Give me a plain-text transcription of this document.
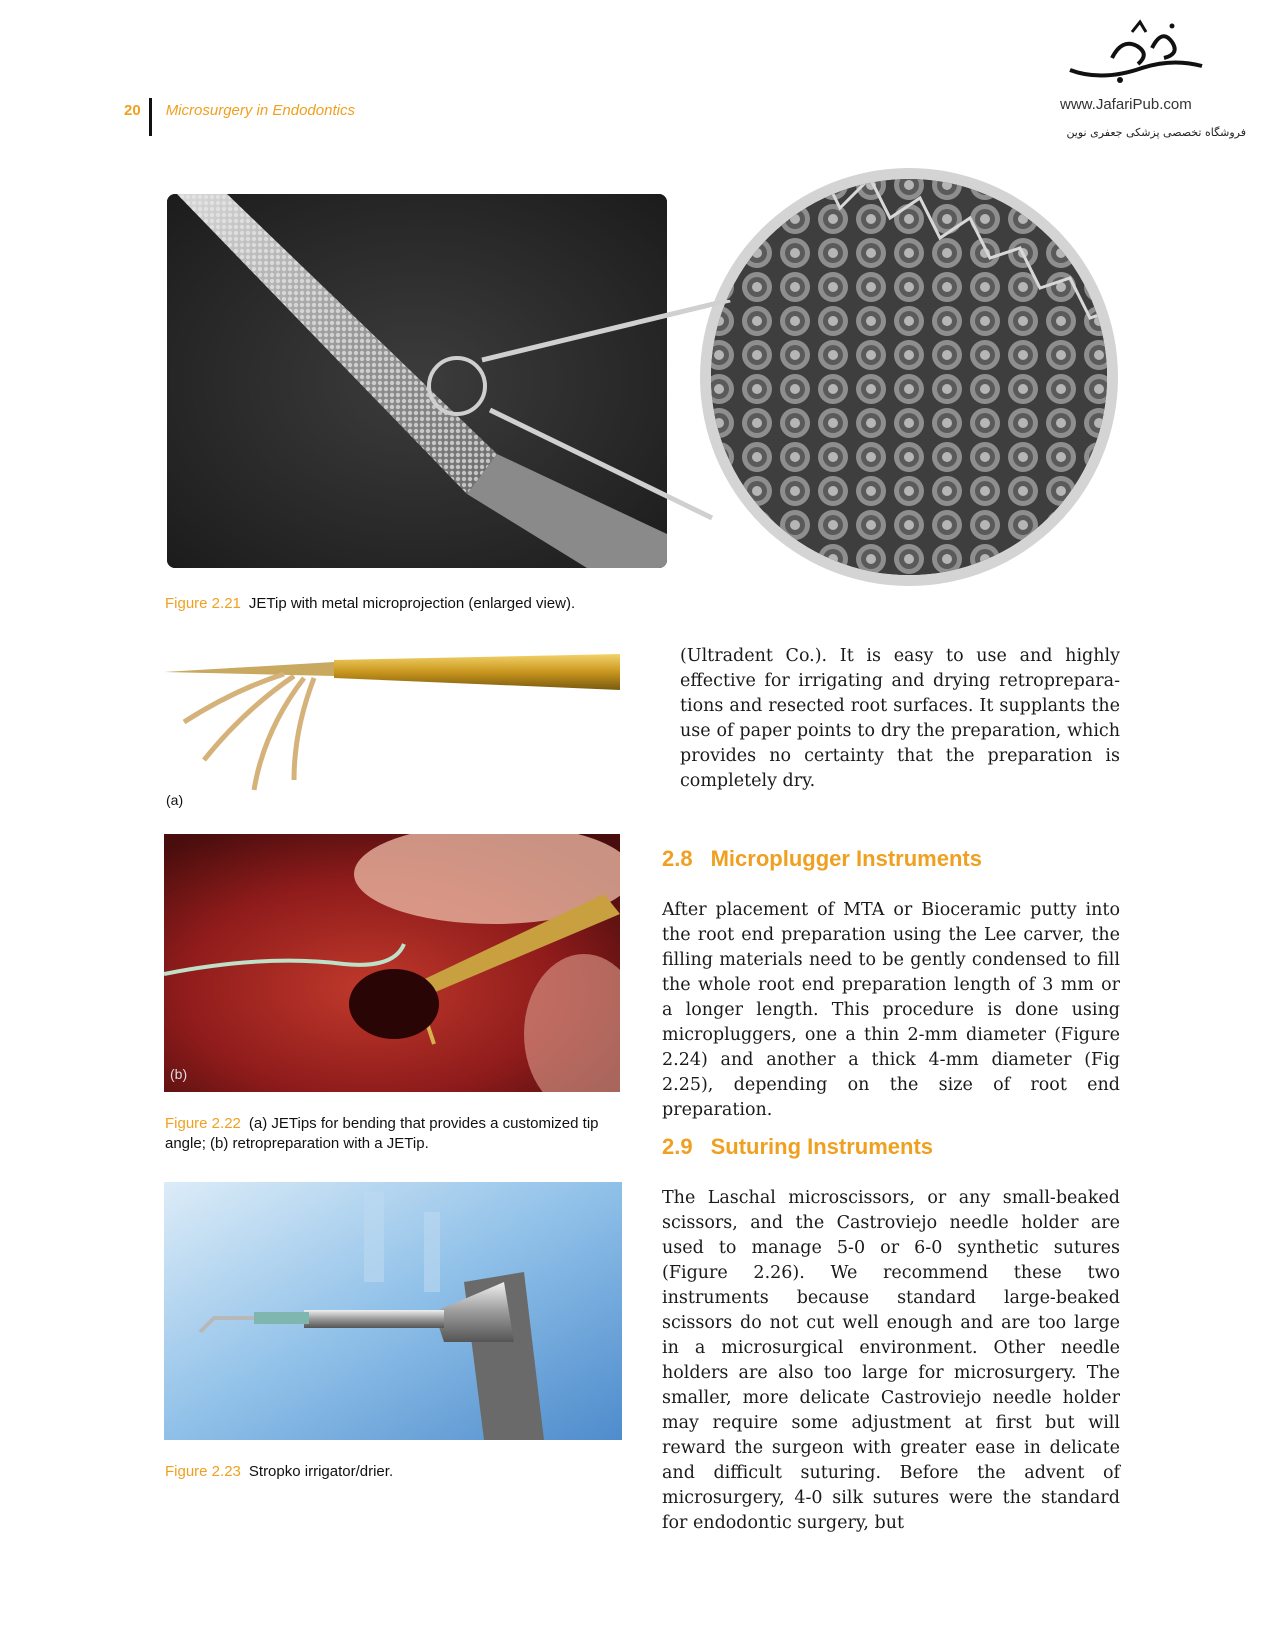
20 Microsurgery in Endodontics	www.JafariPub.com
فروشگاه تخصصی پزشکی جعفری نوین
Figure 2.21 JETip with metal microprojection (enlarged view).
(a)
(b)
Figure 2.22 (a) JETips for bending that provides a customized tip angle; (b) retropreparation with a JETip.
Figure 2.23 Stropko irrigator/drier.

(Ultradent Co.). It is easy to use and highly effective for irrigating and drying retropreparations and resected root surfaces. It supplants the use of paper points to dry the preparation, which provides no certainty that the preparation is completely dry.

2.8 Microplugger Instruments

After placement of MTA or Bioceramic putty into the root end preparation using the Lee carver, the filling materials need to be gently condensed to fill the whole root end preparation length of 3 mm or a longer length. This procedure is done using micropluggers, one a thin 2-mm diameter (Figure 2.24) and another a thick 4-mm diameter (Fig 2.25), depending on the size of root end preparation.

2.9 Suturing Instruments

The Laschal microscissors, or any small-beaked scissors, and the Castroviejo needle holder are used to manage 5-0 or 6-0 synthetic sutures (Figure 2.26). We recommend these two instruments because standard large-beaked scissors do not cut well enough and are too large in a microsurgical environment. Other needle holders are also too large for microsurgery. The smaller, more delicate Castroviejo needle holder may require some adjustment at first but will reward the surgeon with greater ease in delicate and difficult suturing. Before the advent of microsurgery, 4-0 silk sutures were the standard for endodontic surgery, but
